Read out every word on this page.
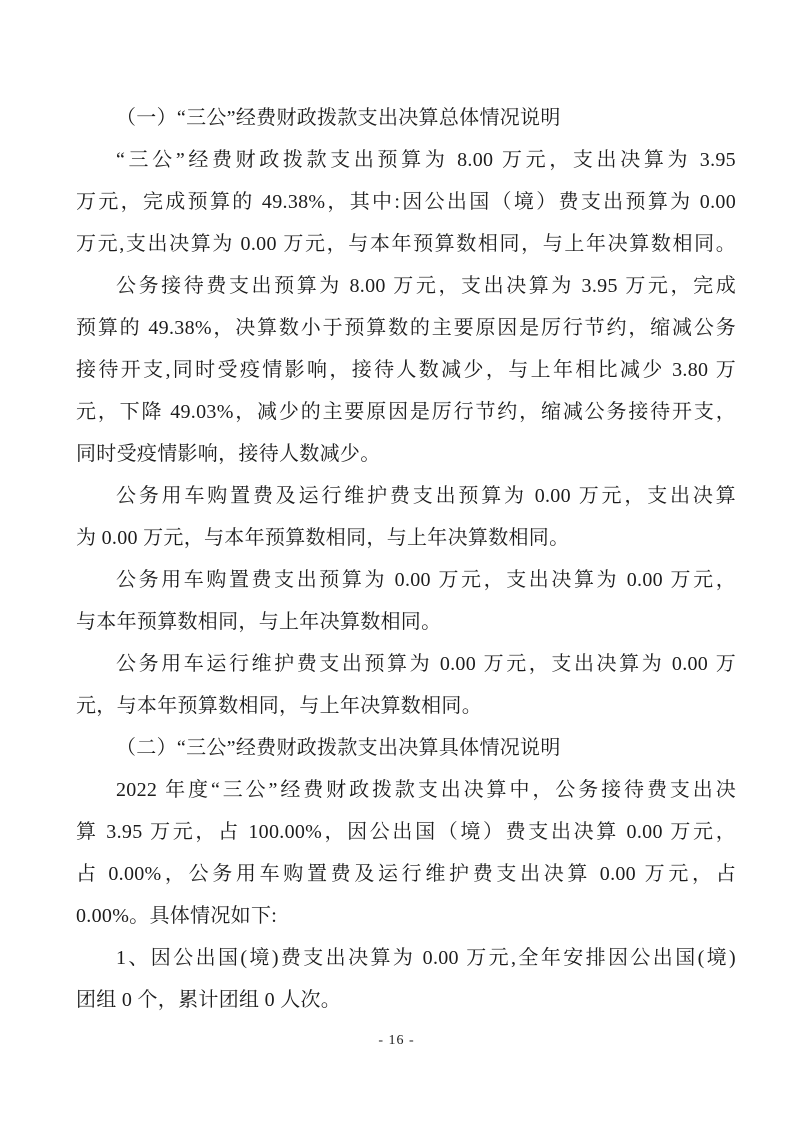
（一）“三公”经费财政拨款支出决算总体情况说明
“三公”经费财政拨款支出预算为 8.00 万元，支出决算为 3.95
万元，完成预算的 49.38%，其中:因公出国（境）费支出预算为 0.00
万元,支出决算为 0.00 万元，与本年预算数相同，与上年决算数相同。
公务接待费支出预算为 8.00 万元，支出决算为 3.95 万元，完成
预算的 49.38%，决算数小于预算数的主要原因是厉行节约，缩减公务
接待开支,同时受疫情影响，接待人数减少，与上年相比减少 3.80 万
元，下降 49.03%，减少的主要原因是厉行节约，缩减公务接待开支，
同时受疫情影响，接待人数减少。
公务用车购置费及运行维护费支出预算为 0.00 万元，支出决算
为 0.00 万元，与本年预算数相同，与上年决算数相同。
公务用车购置费支出预算为 0.00 万元，支出决算为 0.00 万元，
与本年预算数相同，与上年决算数相同。
公务用车运行维护费支出预算为 0.00 万元，支出决算为 0.00 万
元，与本年预算数相同，与上年决算数相同。
（二）“三公”经费财政拨款支出决算具体情况说明
2022 年度“三公”经费财政拨款支出决算中，公务接待费支出决
算 3.95 万元，占 100.00%，因公出国（境）费支出决算 0.00 万元，
占 0.00%，公务用车购置费及运行维护费支出决算 0.00 万元，占
0.00%。具体情况如下:
1、因公出国(境)费支出决算为 0.00 万元,全年安排因公出国(境)
团组 0 个，累计团组 0 人次。
- 16 -
